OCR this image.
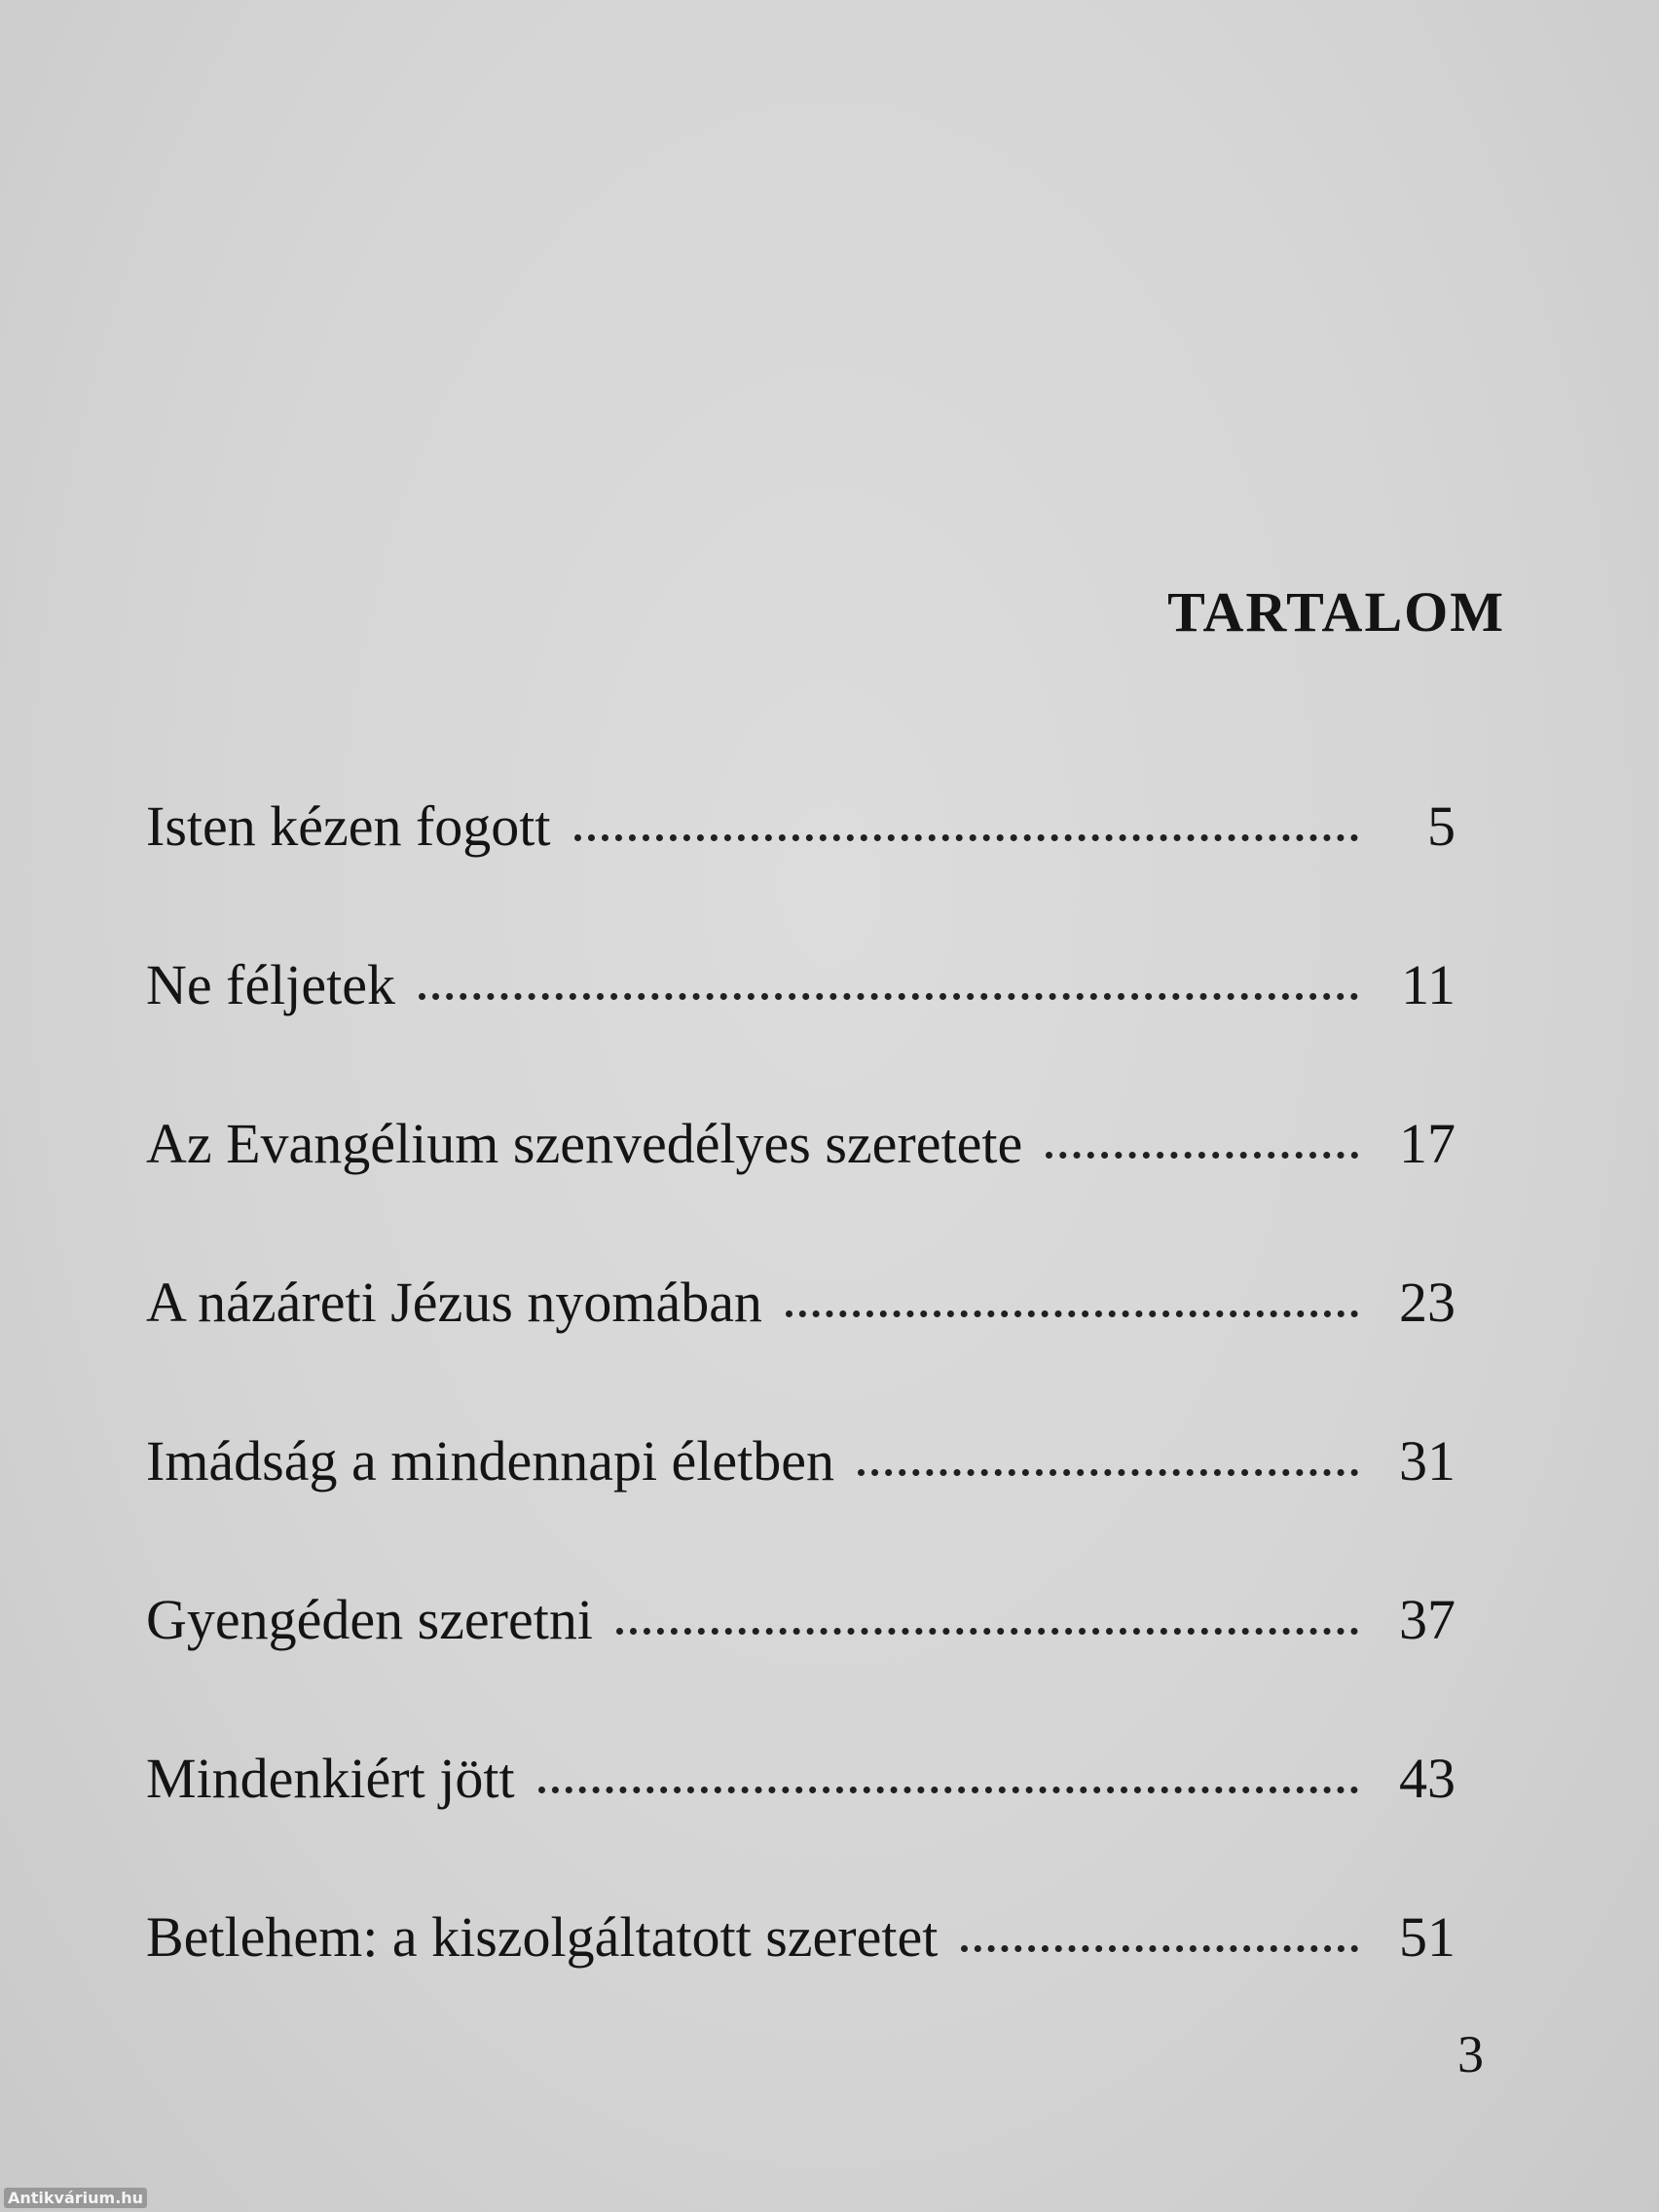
TARTALOM
Isten kézen fogott	5
Ne féljetek	11
Az Evangélium szenvedélyes szeretete	17
A názáreti Jézus nyomában	23
Imádság a mindennapi életben	31
Gyengéden szeretni	37
Mindenkiért jött	43
Betlehem: a kiszolgáltatott szeretet	51
3
Antikvárium.hu
